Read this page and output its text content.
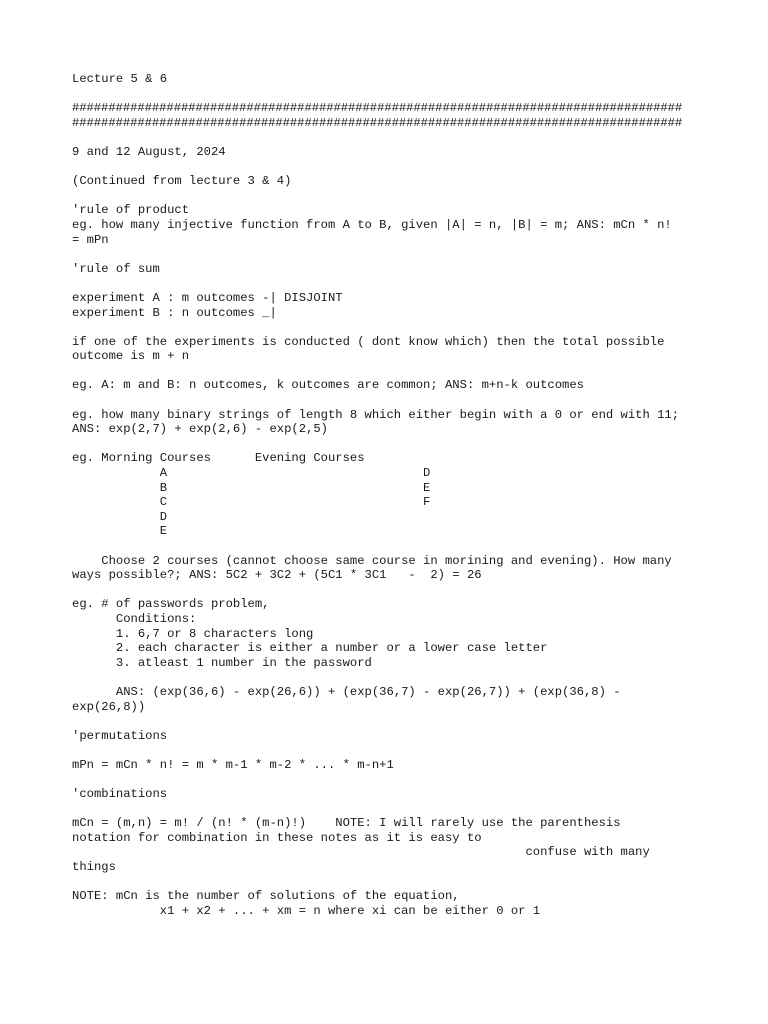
Lecture 5 & 6
####################################################################################
####################################################################################
9 and 12 August, 2024
(Continued from lecture 3 & 4)
'rule of product
eg. how many injective function from A to B, given |A| = n, |B| = m; ANS: mCn * n!
= mPn
'rule of sum
experiment A : m outcomes -| DISJOINT
experiment B : n outcomes _|
if one of the experiments is conducted ( dont know which) then the total possible
outcome is m + n
eg. A: m and B: n outcomes, k outcomes are common; ANS: m+n-k outcomes
eg. how many binary strings of length 8 which either begin with a 0 or end with 11;
ANS: exp(2,7) + exp(2,6) - exp(2,5)
eg. Morning Courses      Evening Courses
A                                   D
B                                   E
C                                   F
D
E
Choose 2 courses (cannot choose same course in morining and evening). How many
ways possible?; ANS: 5C2 + 3C2 + (5C1 * 3C1   -  2) = 26
eg. # of passwords problem,
Conditions:
1. 6,7 or 8 characters long
2. each character is either a number or a lower case letter
3. atleast 1 number in the password
ANS: (exp(36,6) - exp(26,6)) + (exp(36,7) - exp(26,7)) + (exp(36,8) -
exp(26,8))
'permutations
mPn = mCn * n! = m * m-1 * m-2 * ... * m-n+1
'combinations
mCn = (m,n) = m! / (n! * (m-n)!)    NOTE: I will rarely use the parenthesis
notation for combination in these notes as it is easy to
confuse with many
things
NOTE: mCn is the number of solutions of the equation,
x1 + x2 + ... + xm = n where xi can be either 0 or 1
